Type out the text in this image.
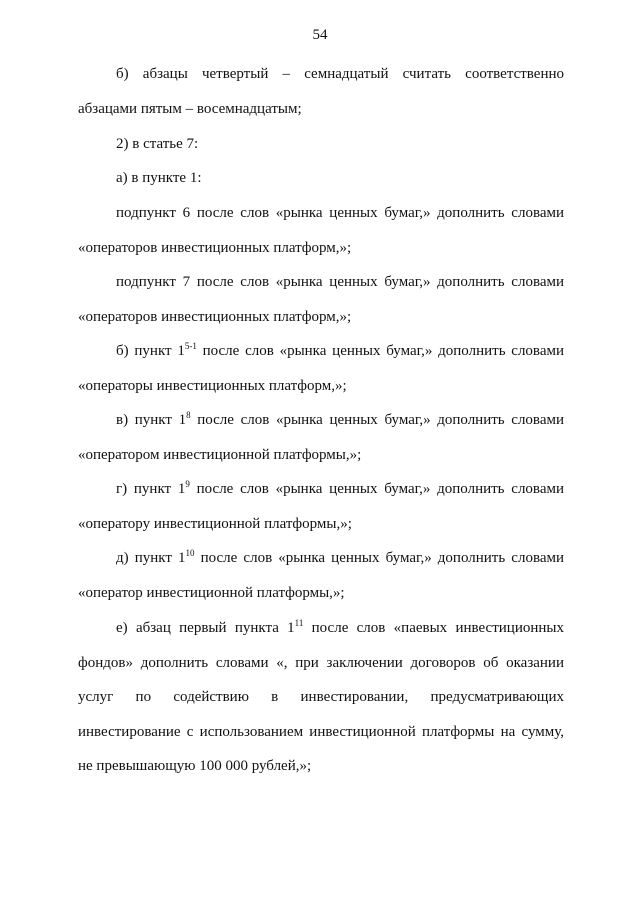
54
б) абзацы четвертый – семнадцатый считать соответственно
абзацами пятым – восемнадцатым;
2) в статье 7:
а) в пункте 1:
подпункт 6 после слов «рынка ценных бумаг,» дополнить словами
«операторов инвестиционных платформ,»;
подпункт 7 после слов «рынка ценных бумаг,» дополнить словами
«операторов инвестиционных платформ,»;
б) пункт 1$^{5-1}$ после слов «рынка ценных бумаг,» дополнить словами
«операторы инвестиционных платформ,»;
в) пункт $1^8$ после слов «рынка ценных бумаг,» дополнить словами
«оператором инвестиционной платформы,»;
г) пункт $1^9$ после слов «рынка ценных бумаг,» дополнить словами
«оператору инвестиционной платформы,»;
д) пункт $1^{10}$ после слов «рынка ценных бумаг,» дополнить словами
«оператор инвестиционной платформы,»;
е) абзац первый пункта $1^{11}$ после слов «паевых инвестиционных
фондов» дополнить словами «, при заключении договоров об оказании
услуг по содействию в инвестировании, предусматривающих
инвестирование с использованием инвестиционной платформы на сумму,
не превышающую 100 000 рублей,»;
